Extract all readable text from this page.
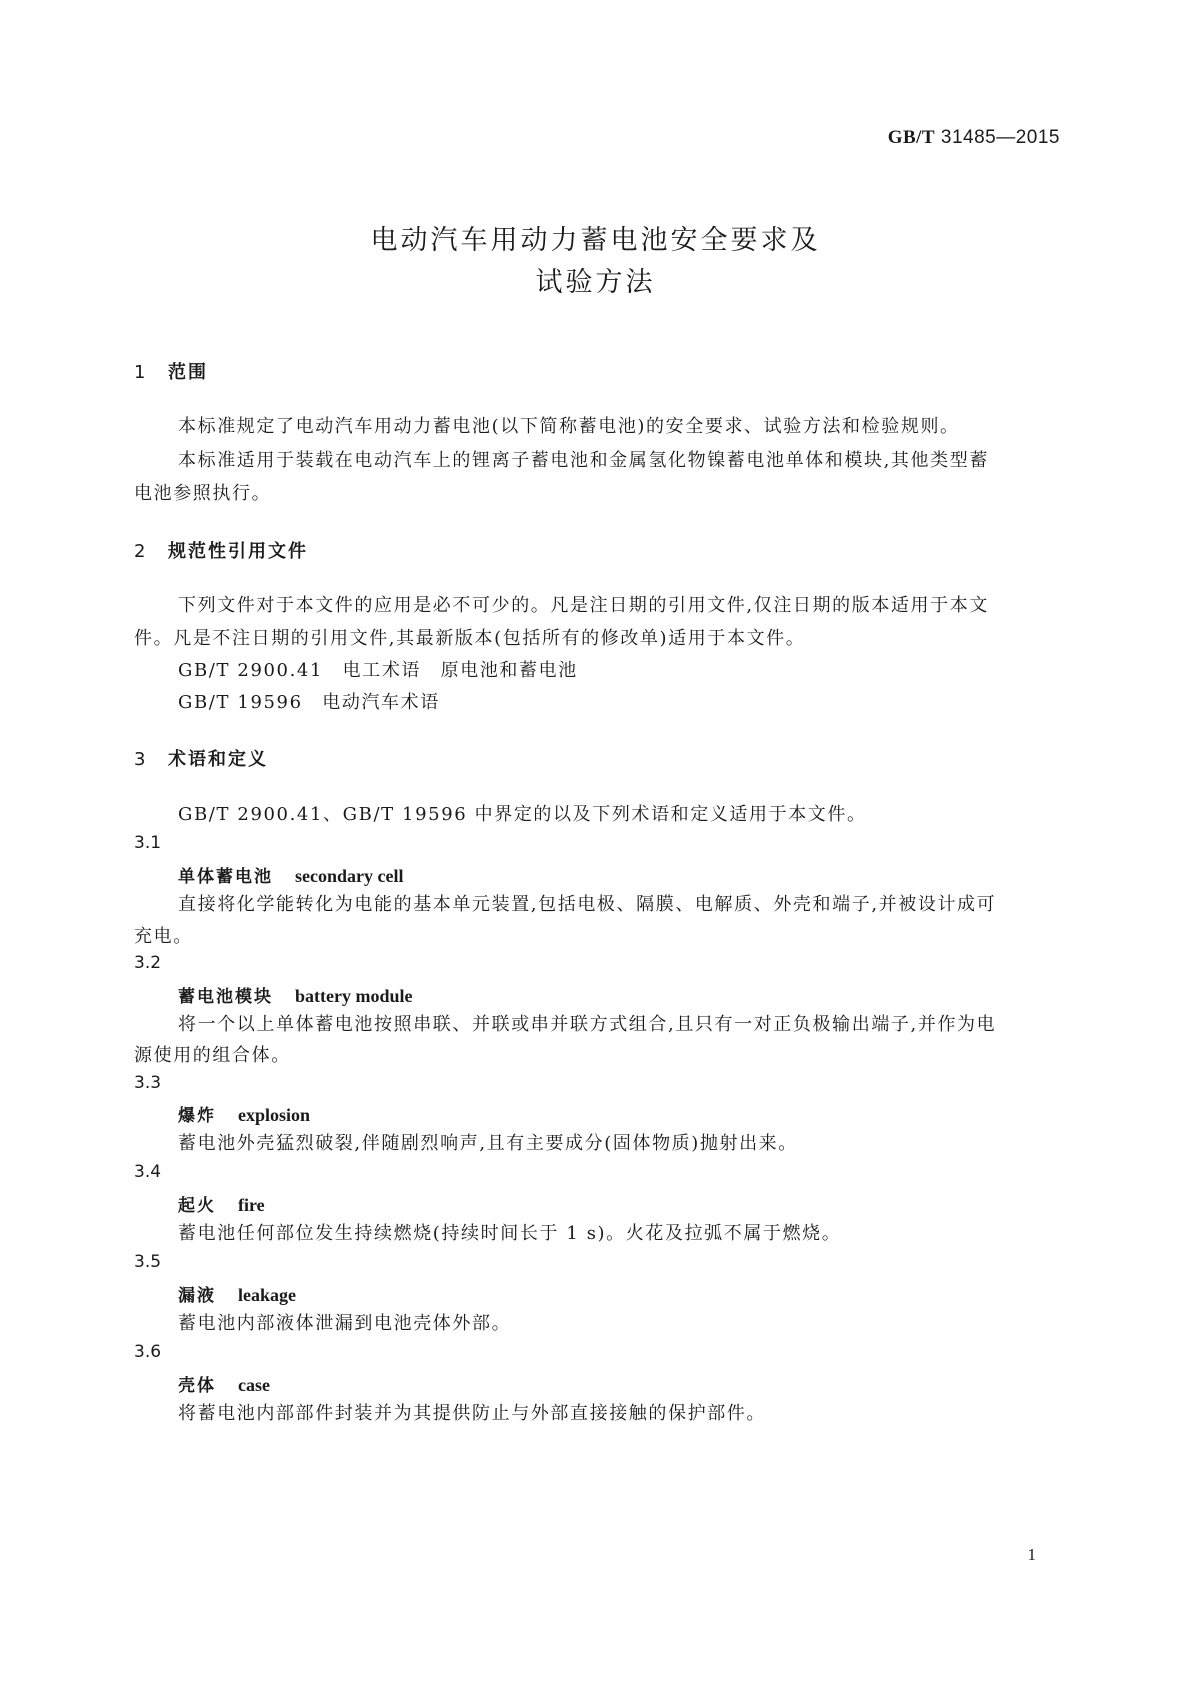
GB/T 31485—2015
电动汽车用动力蓄电池安全要求及
试验方法
1 范围

本标准规定了电动汽车用动力蓄电池(以下简称蓄电池)的安全要求、试验方法和检验规则。

本标准适用于装载在电动汽车上的锂离子蓄电池和金属氢化物镍蓄电池单体和模块,其他类型蓄

电池参照执行。

2 规范性引用文件

下列文件对于本文件的应用是必不可少的。凡是注日期的引用文件,仅注日期的版本适用于本文

件。凡是不注日期的引用文件,其最新版本(包括所有的修改单)适用于本文件。

GB/T 2900.41　电工术语　原电池和蓄电池

GB/T 19596　电动汽车术语

3 术语和定义

GB/T 2900.41、GB/T 19596 中界定的以及下列术语和定义适用于本文件。

3.1
单体蓄电池 secondary cell

直接将化学能转化为电能的基本单元装置,包括电极、隔膜、电解质、外壳和端子,并被设计成可

充电。

3.2
蓄电池模块 battery module

将一个以上单体蓄电池按照串联、并联或串并联方式组合,且只有一对正负极输出端子,并作为电

源使用的组合体。

3.3
爆炸 explosion

蓄电池外壳猛烈破裂,伴随剧烈响声,且有主要成分(固体物质)抛射出来。

3.4
起火 fire

蓄电池任何部位发生持续燃烧(持续时间长于 1 s)。火花及拉弧不属于燃烧。

3.5
漏液 leakage

蓄电池内部液体泄漏到电池壳体外部。

3.6
壳体 case

将蓄电池内部部件封装并为其提供防止与外部直接接触的保护部件。

1
